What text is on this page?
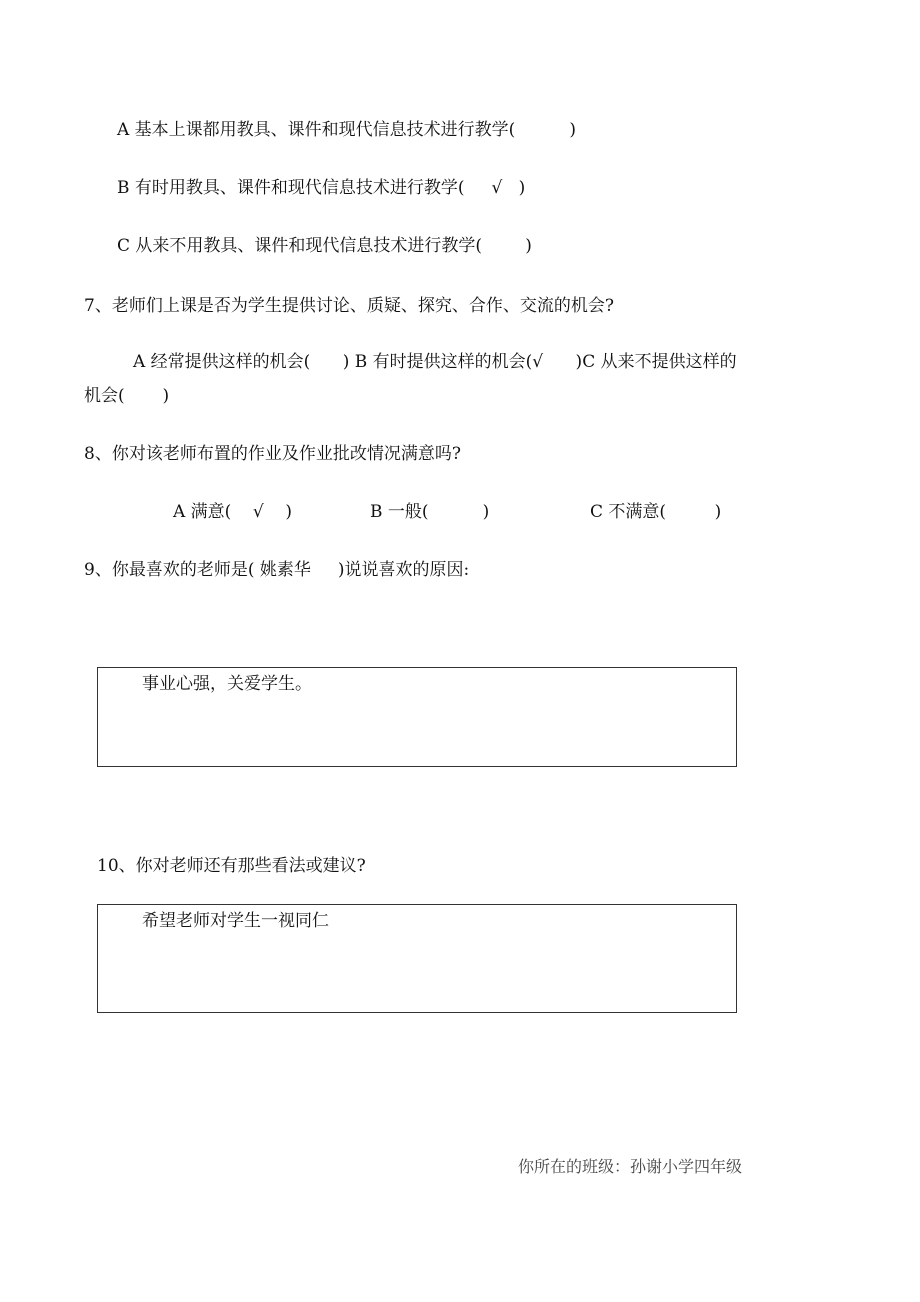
A 基本上课都用教具、课件和现代信息技术进行教学(          )
B 有时用教具、课件和现代信息技术进行教学(     √   )
C 从来不用教具、课件和现代信息技术进行教学(        )
7、老师们上课是否为学生提供讨论、质疑、探究、合作、交流的机会?
A 经常提供这样的机会(      ) B 有时提供这样的机会(√      )C 从来不提供这样的
机会(       )
8、你对该老师布置的作业及作业批改情况满意吗?
A 满意(    √    )	B 一般(          )	C 不满意(         )
9、你最喜欢的老师是( 姚素华     )说说喜欢的原因:
事业心强，关爱学生。
10、你对老师还有那些看法或建议?
希望老师对学生一视同仁
你所在的班级：孙谢小学四年级
